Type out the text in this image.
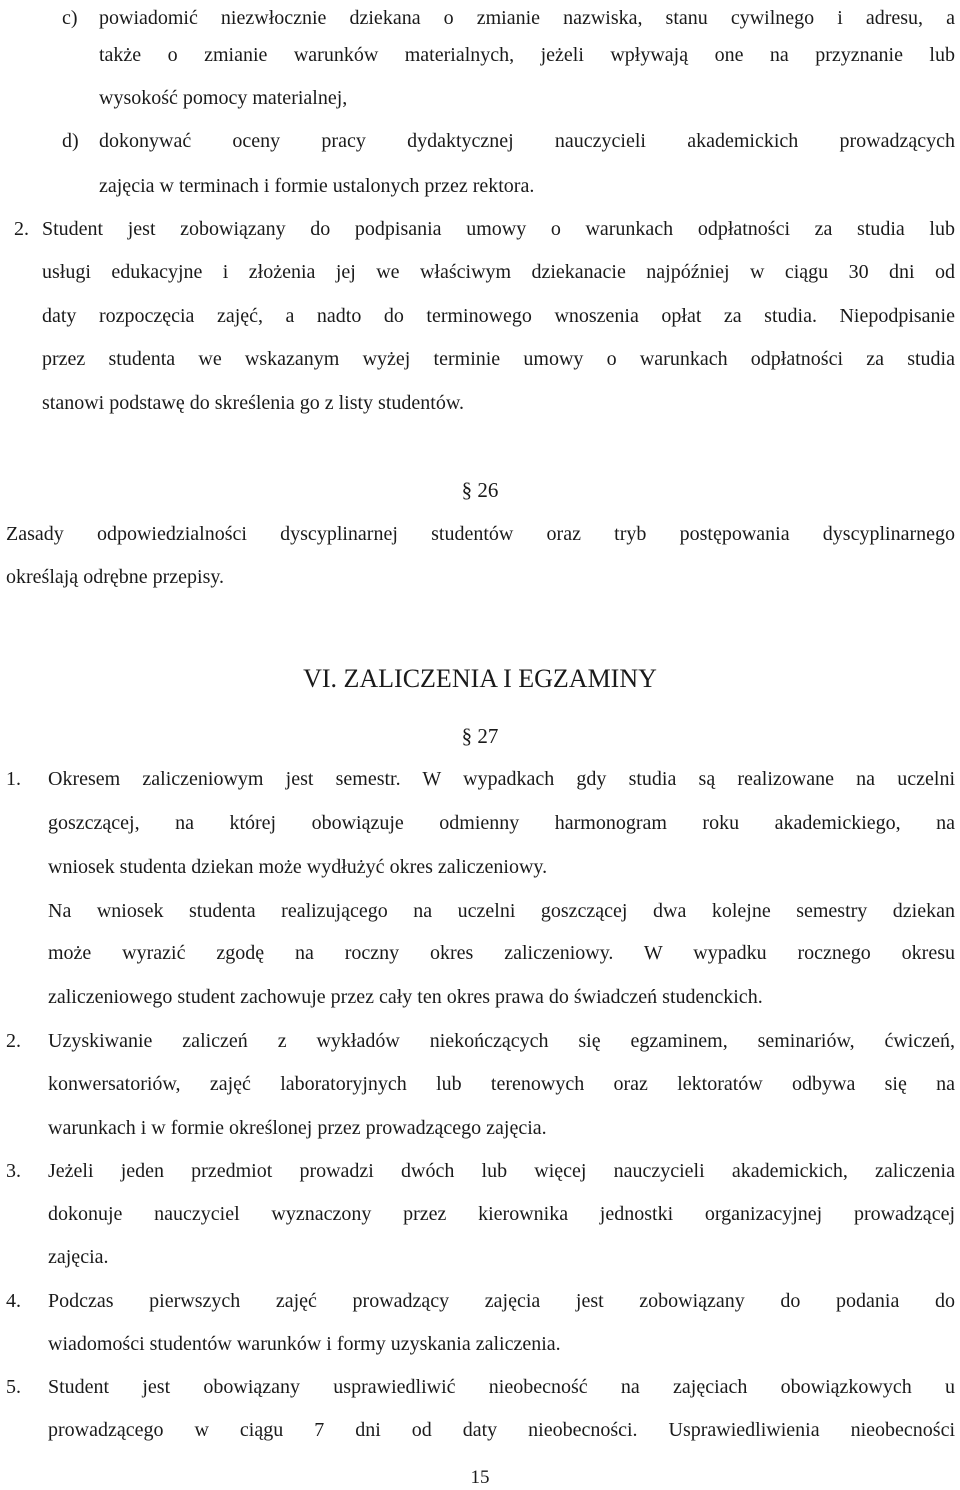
c) powiadomić niezwłocznie dziekana o zmianie nazwiska, stanu cywilnego i adresu, a
także o zmianie warunków materialnych, jeżeli wpływają one na przyznanie lub
wysokość pomocy materialnej,
d) dokonywać oceny pracy dydaktycznej nauczycieli akademickich prowadzących
zajęcia w terminach i formie ustalonych przez rektora.
2. Student jest zobowiązany do podpisania umowy o warunkach odpłatności za studia lub
usługi edukacyjne i złożenia jej we właściwym dziekanacie najpóźniej w ciągu 30 dni od
daty rozpoczęcia zajęć, a nadto do terminowego wnoszenia opłat za studia. Niepodpisanie
przez studenta we wskazanym wyżej terminie umowy o warunkach odpłatności za studia
stanowi podstawę do skreślenia go z listy studentów.
§ 26
Zasady odpowiedzialności dyscyplinarnej studentów oraz tryb postępowania dyscyplinarnego
określają odrębne przepisy.
VI. ZALICZENIA I EGZAMINY
§ 27
1. Okresem zaliczeniowym jest semestr. W wypadkach gdy studia są realizowane na uczelni
goszczącej, na której obowiązuje odmienny harmonogram roku akademickiego, na
wniosek studenta dziekan może wydłużyć okres zaliczeniowy.
Na wniosek studenta realizującego na uczelni goszczącej dwa kolejne semestry dziekan
może wyrazić zgodę na roczny okres zaliczeniowy. W wypadku rocznego okresu
zaliczeniowego student zachowuje przez cały ten okres prawa do świadczeń studenckich.
2. Uzyskiwanie zaliczeń z wykładów niekończących się egzaminem, seminariów, ćwiczeń,
konwersatoriów, zajęć laboratoryjnych lub terenowych oraz lektoratów odbywa się na
warunkach i w formie określonej przez prowadzącego zajęcia.
3. Jeżeli jeden przedmiot prowadzi dwóch lub więcej nauczycieli akademickich, zaliczenia
dokonuje nauczyciel wyznaczony przez kierownika jednostki organizacyjnej prowadzącej
zajęcia.
4. Podczas pierwszych zajęć prowadzący zajęcia jest zobowiązany do podania do
wiadomości studentów warunków i formy uzyskania zaliczenia.
5. Student jest obowiązany usprawiedliwić nieobecność na zajęciach obowiązkowych u
prowadzącego w ciągu 7 dni od daty nieobecności. Usprawiedliwienia nieobecności
15
